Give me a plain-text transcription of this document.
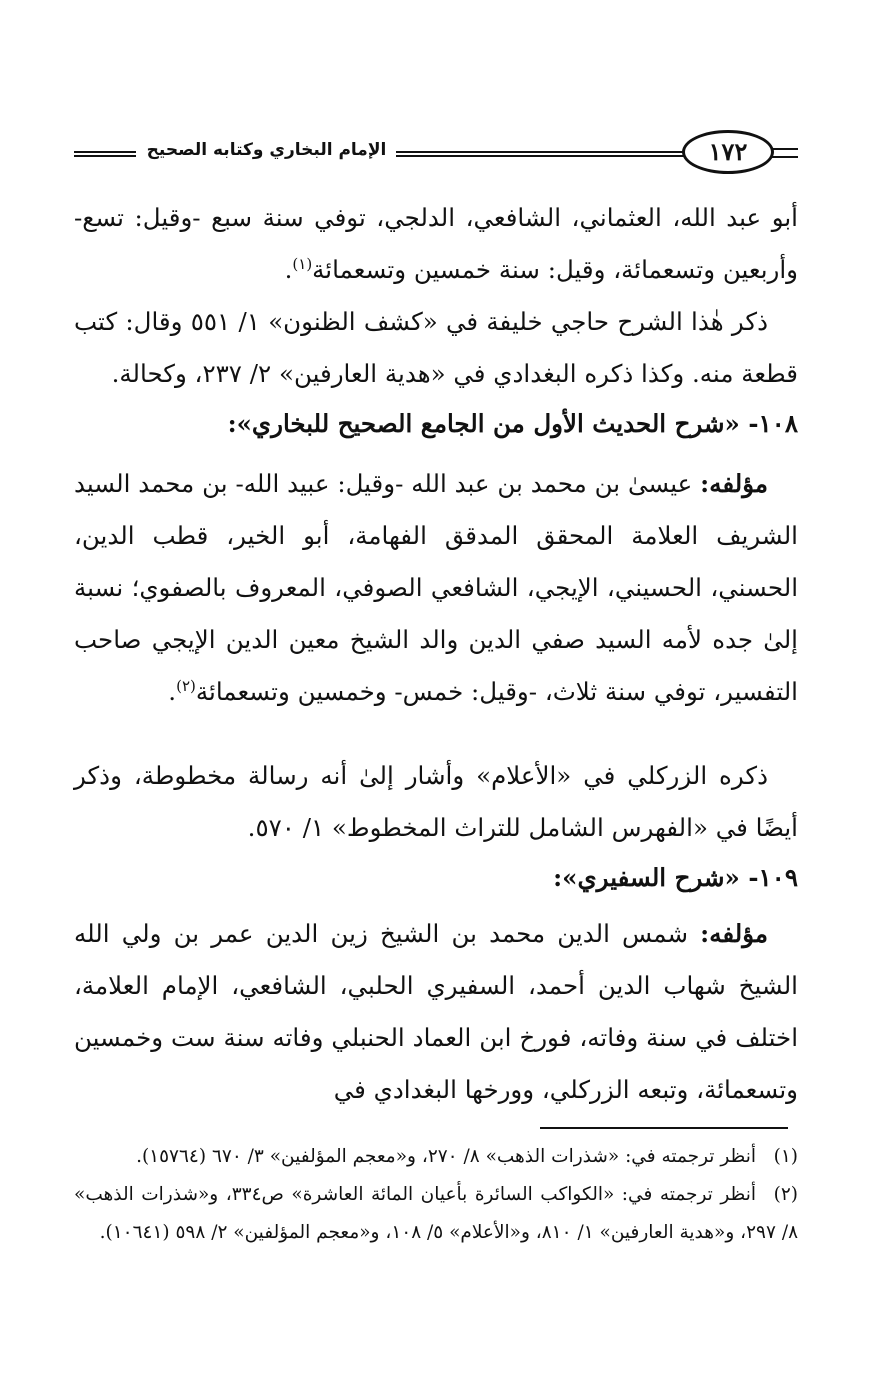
الإمام البخاري وكتابه الصحيح	١٧٢

أبو عبد الله، العثماني، الشافعي، الدلجي، توفي سنة سبع -وقيل: تسع- وأربعين وتسعمائة، وقيل: سنة خمسين وتسعمائة$^{(١)}$.

ذكر هٰذا الشرح حاجي خليفة في «كشف الظنون» ١/ ٥٥١ وقال: كتب قطعة منه. وكذا ذكره البغدادي في «هدية العارفين» ٢/ ٢٣٧، وكحالة.

١٠٨- «شرح الحديث الأول من الجامع الصحيح للبخاري»:

مؤلفه: عيسىٰ بن محمد بن عبد الله -وقيل: عبيد الله- بن محمد السيد الشريف العلامة المحقق المدقق الفهامة، أبو الخير، قطب الدين، الحسني، الحسيني، الإيجي، الشافعي الصوفي، المعروف بالصفوي؛ نسبة إلىٰ جده لأمه السيد صفي الدين والد الشيخ معين الدين الإيجي صاحب التفسير، توفي سنة ثلاث، -وقيل: خمس- وخمسين وتسعمائة$^{(٢)}$.

ذكره الزركلي في «الأعلام» وأشار إلىٰ أنه رسالة مخطوطة، وذكر أيضًا في «الفهرس الشامل للتراث المخطوط» ١/ ٥٧٠.

١٠٩- «شرح السفيري»:

مؤلفه: شمس الدين محمد بن الشيخ زين الدين عمر بن ولي الله الشيخ شهاب الدين أحمد، السفيري الحلبي، الشافعي، الإمام العلامة، اختلف في سنة وفاته، فورخ ابن العماد الحنبلي وفاته سنة ست وخمسين وتسعمائة، وتبعه الزركلي، وورخها البغدادي في

(١)أنظر ترجمته في: «شذرات الذهب» ٨/ ٢٧٠، و«معجم المؤلفين» ٣/ ٦٧٠ (١٥٧٦٤).

(٢)أنظر ترجمته في: «الكواكب السائرة بأعيان المائة العاشرة» ص٣٣٤، و«شذرات الذهب» ٨/ ٢٩٧، و«هدية العارفين» ١/ ٨١٠، و«الأعلام» ٥/ ١٠٨، و«معجم المؤلفين» ٢/ ٥٩٨ (١٠٦٤١).
